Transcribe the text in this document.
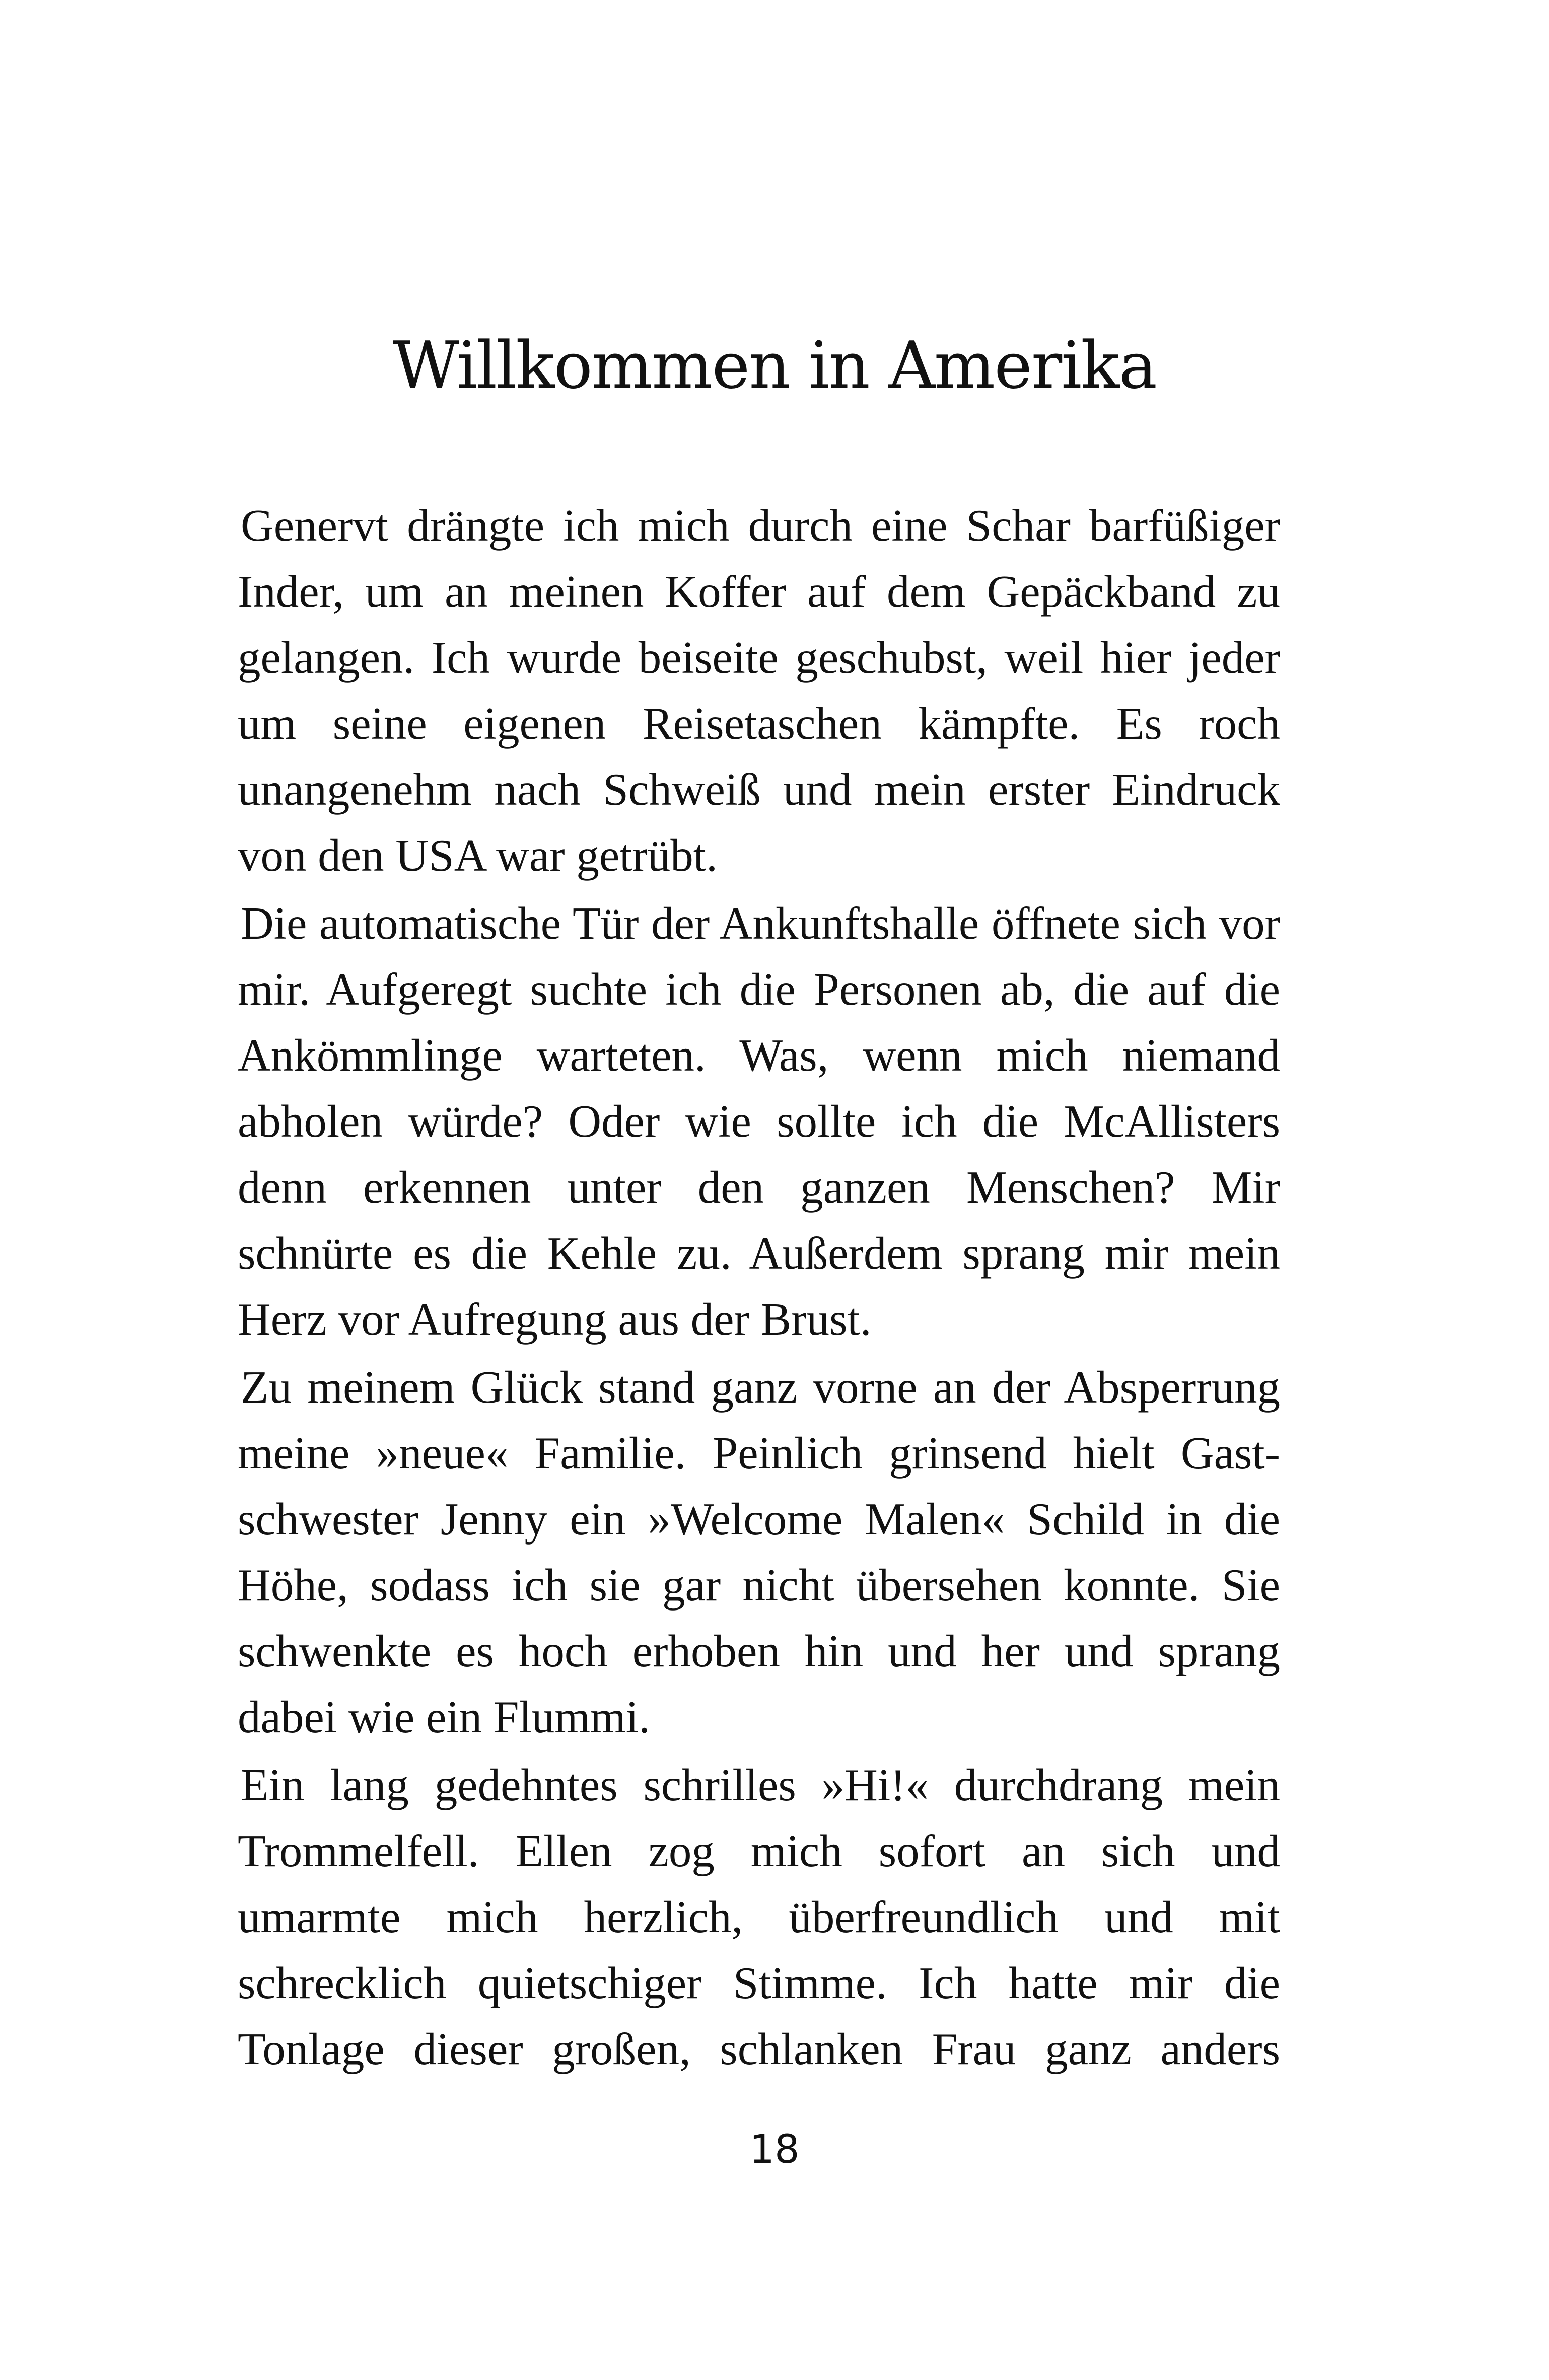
Willkommen in Amerika

Genervt drängte ich mich durch eine Schar barfüßiger Inder, um an meinen Koffer auf dem Gepäckband zu gelangen. Ich wurde beiseite geschubst, weil hier jeder um seine eigenen Reisetaschen kämpfte. Es roch unangenehm nach Schweiß und mein erster Eindruck von den USA war getrübt.

Die automatische Tür der Ankunftshalle öffnete sich vor mir. Aufgeregt suchte ich die Personen ab, die auf die Ankömmlinge warteten. Was, wenn mich niemand abholen würde? Oder wie sollte ich die McAllisters denn erkennen unter den ganzen Menschen? Mir schnürte es die Kehle zu. Außerdem sprang mir mein Herz vor Aufregung aus der Brust.

Zu meinem Glück stand ganz vorne an der Absperrung meine »neue« Familie. Peinlich grinsend hielt Gastschwester Jenny ein »Welcome Malen« Schild in die Höhe, sodass ich sie gar nicht übersehen konnte. Sie schwenkte es hoch erhoben hin und her und sprang dabei wie ein Flummi.

Ein lang gedehntes schrilles »Hi!« durchdrang mein Trommelfell. Ellen zog mich sofort an sich und umarmte mich herzlich, überfreundlich und mit schrecklich quietschiger Stimme. Ich hatte mir die Tonlage dieser großen, schlanken Frau ganz anders

18
